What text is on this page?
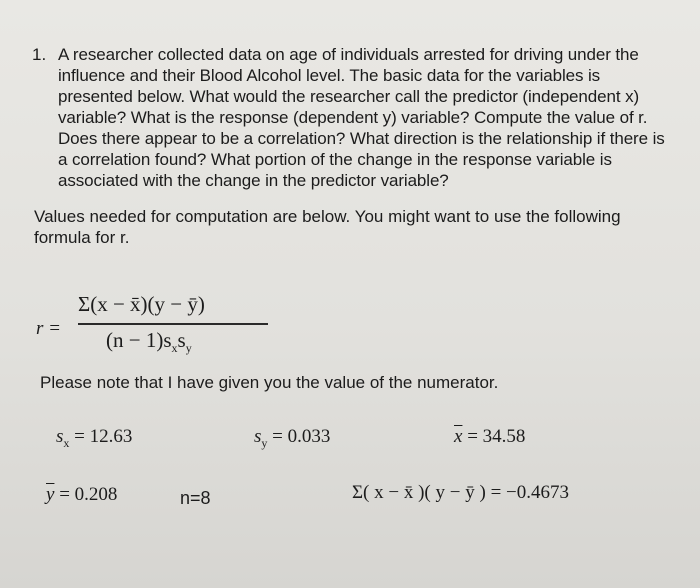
1. A researcher collected data on age of individuals arrested for driving under the influence and their Blood Alcohol level. The basic data for the variables is presented below. What would the researcher call the predictor (independent x) variable? What is the response (dependent y) variable? Compute the value of r. Does there appear to be a correlation? What direction is the relationship if there is a correlation found? What portion of the change in the response variable is associated with the change in the predictor variable?
Values needed for computation are below. You might want to use the following formula for r.
r =
Σ(x − x̄)(y − ȳ)
$(n - 1)s_xs_y$
Please note that I have given you the value of the numerator.
$s_x = 12.63$	$s_y = 0.033$	$\overline{x} = 34.58$
$\overline{y} = 0.208$	n=8	Σ( x − x̄ )( y − ȳ ) = −0.4673
